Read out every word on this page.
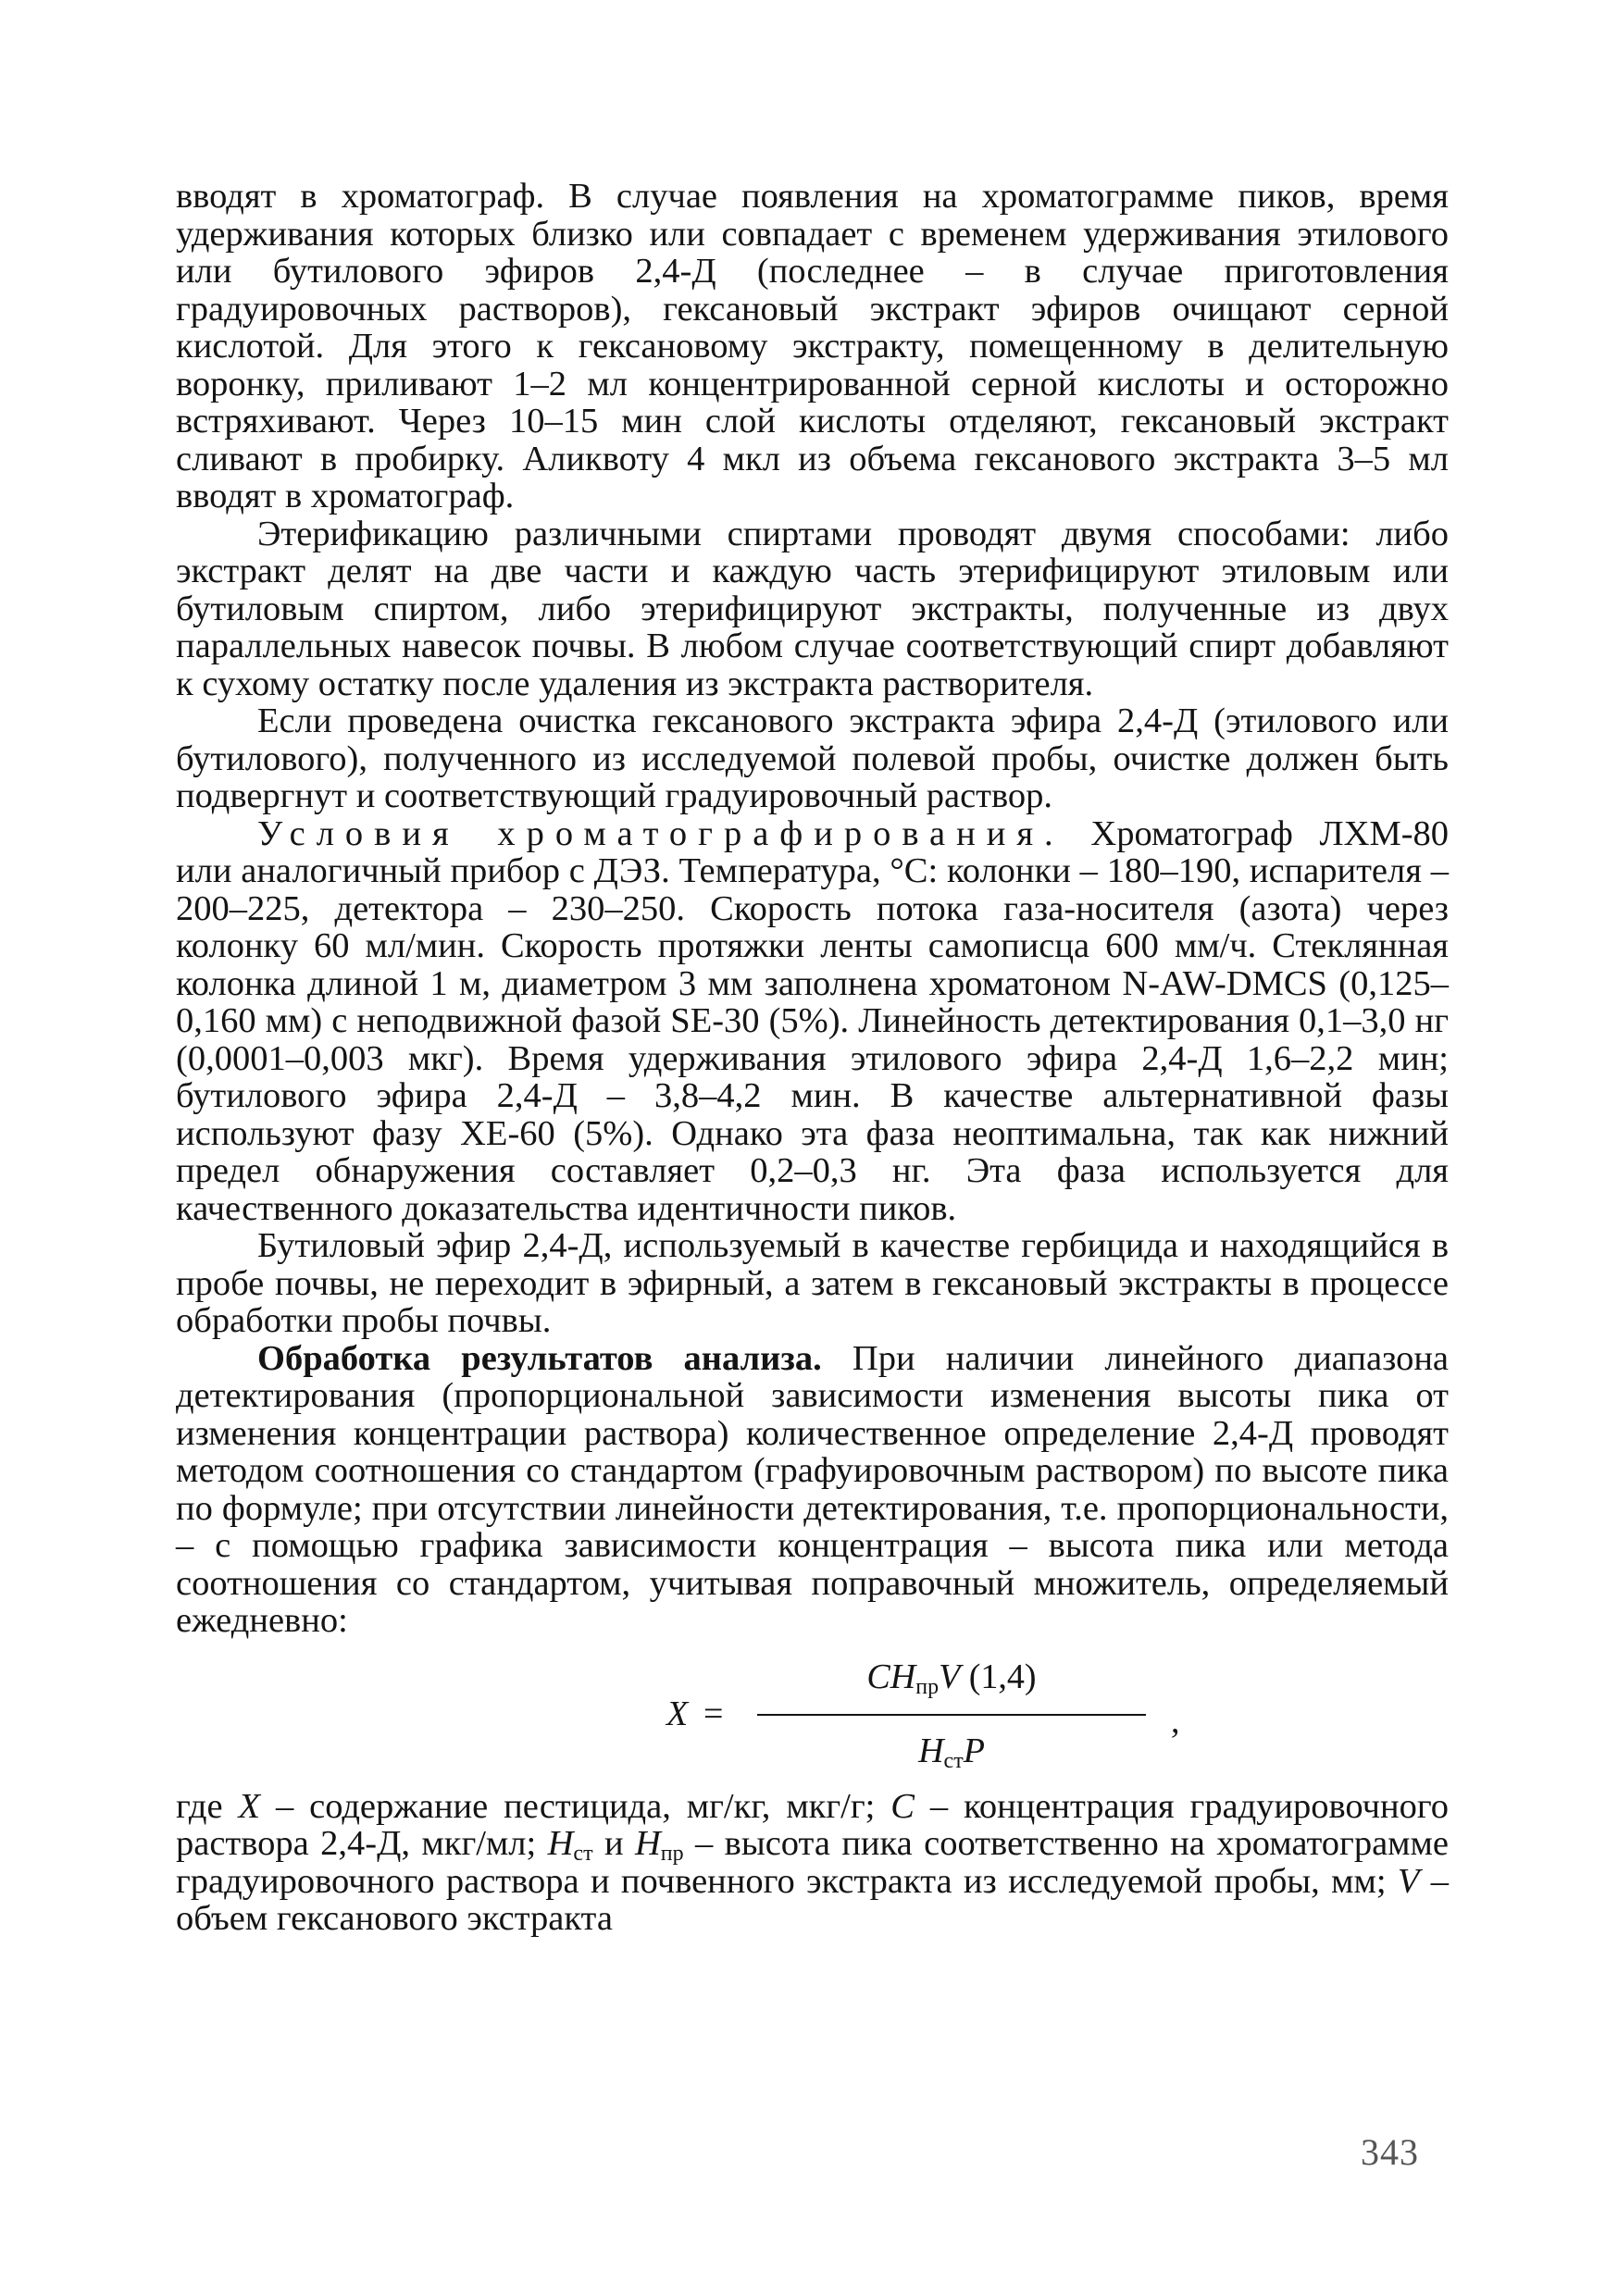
вводят в хроматограф. В случае появления на хроматограмме пиков, время удерживания которых близко или совпадает с временем удерживания этилового или бутилового эфиров 2,4-Д (последнее – в случае приготовления градуировочных растворов), гексановый экстракт эфиров очищают серной кислотой. Для этого к гексановому экстракту, помещенному в делительную воронку, приливают 1–2 мл концентрированной серной кислоты и осторожно встряхивают. Через 10–15 мин слой кислоты отделяют, гексановый экстракт сливают в пробирку. Аликвоту 4 мкл из объема гексанового экстракта 3–5 мл вводят в хроматограф.

Этерификацию различными спиртами проводят двумя способами: либо экстракт делят на две части и каждую часть этерифицируют этиловым или бутиловым спиртом, либо этерифицируют экстракты, полученные из двух параллельных навесок почвы. В любом случае соответствующий спирт добавляют к сухому остатку после удаления из экстракта растворителя.

Если проведена очистка гексанового экстракта эфира 2,4-Д (этилового или бутилового), полученного из исследуемой полевой пробы, очистке должен быть подвергнут и соответствующий градуировочный раствор.

Условия хроматографирования. Хроматограф ЛХМ-80 или аналогичный прибор с ДЭЗ. Температура, °С: колонки – 180–190, испарителя – 200–225, детектора – 230–250. Скорость потока газа-носителя (азота) через колонку 60 мл/мин. Скорость протяжки ленты самописца 600 мм/ч. Стеклянная колонка длиной 1 м, диаметром 3 мм заполнена хроматоном N-AW-DMCS (0,125–0,160 мм) с неподвижной фазой SE-30 (5%). Линейность детектирования 0,1–3,0 нг (0,0001–0,003 мкг). Время удерживания этилового эфира 2,4-Д 1,6–2,2 мин; бутилового эфира 2,4-Д – 3,8–4,2 мин. В качестве альтернативной фазы используют фазу XE-60 (5%). Однако эта фаза неоптимальна, так как нижний предел обнаружения составляет 0,2–0,3 нг. Эта фаза используется для качественного доказательства идентичности пиков.

Бутиловый эфир 2,4-Д, используемый в качестве гербицида и находящийся в пробе почвы, не переходит в эфирный, а затем в гексановый экстракты в процессе обработки пробы почвы.

Обработка результатов анализа. При наличии линейного диапазона детектирования (пропорциональной зависимости изменения высоты пика от изменения концентрации раствора) количественное определение 2,4-Д проводят методом соотношения со стандартом (графуировочным раствором) по высоте пика по формуле; при отсутствии линейности детектирования, т.е. пропорциональности, – с помощью графика зависимости концентрация – высота пика или метода соотношения со стандартом, учитывая поправочный множитель, определяемый ежедневно:

X =
$CH_{пр}V$ (1,4)
$H_{ст}P$
,

где X – содержание пестицида, мг/кг, мкг/г; C – концентрация градуировочного раствора 2,4-Д, мкг/мл; $H_{ст}$ и $H_{пр}$ – высота пика соответственно на хроматограмме градуировочного раствора и почвенного экстракта из исследуемой пробы, мм; V – объем гексанового экстракта

343
